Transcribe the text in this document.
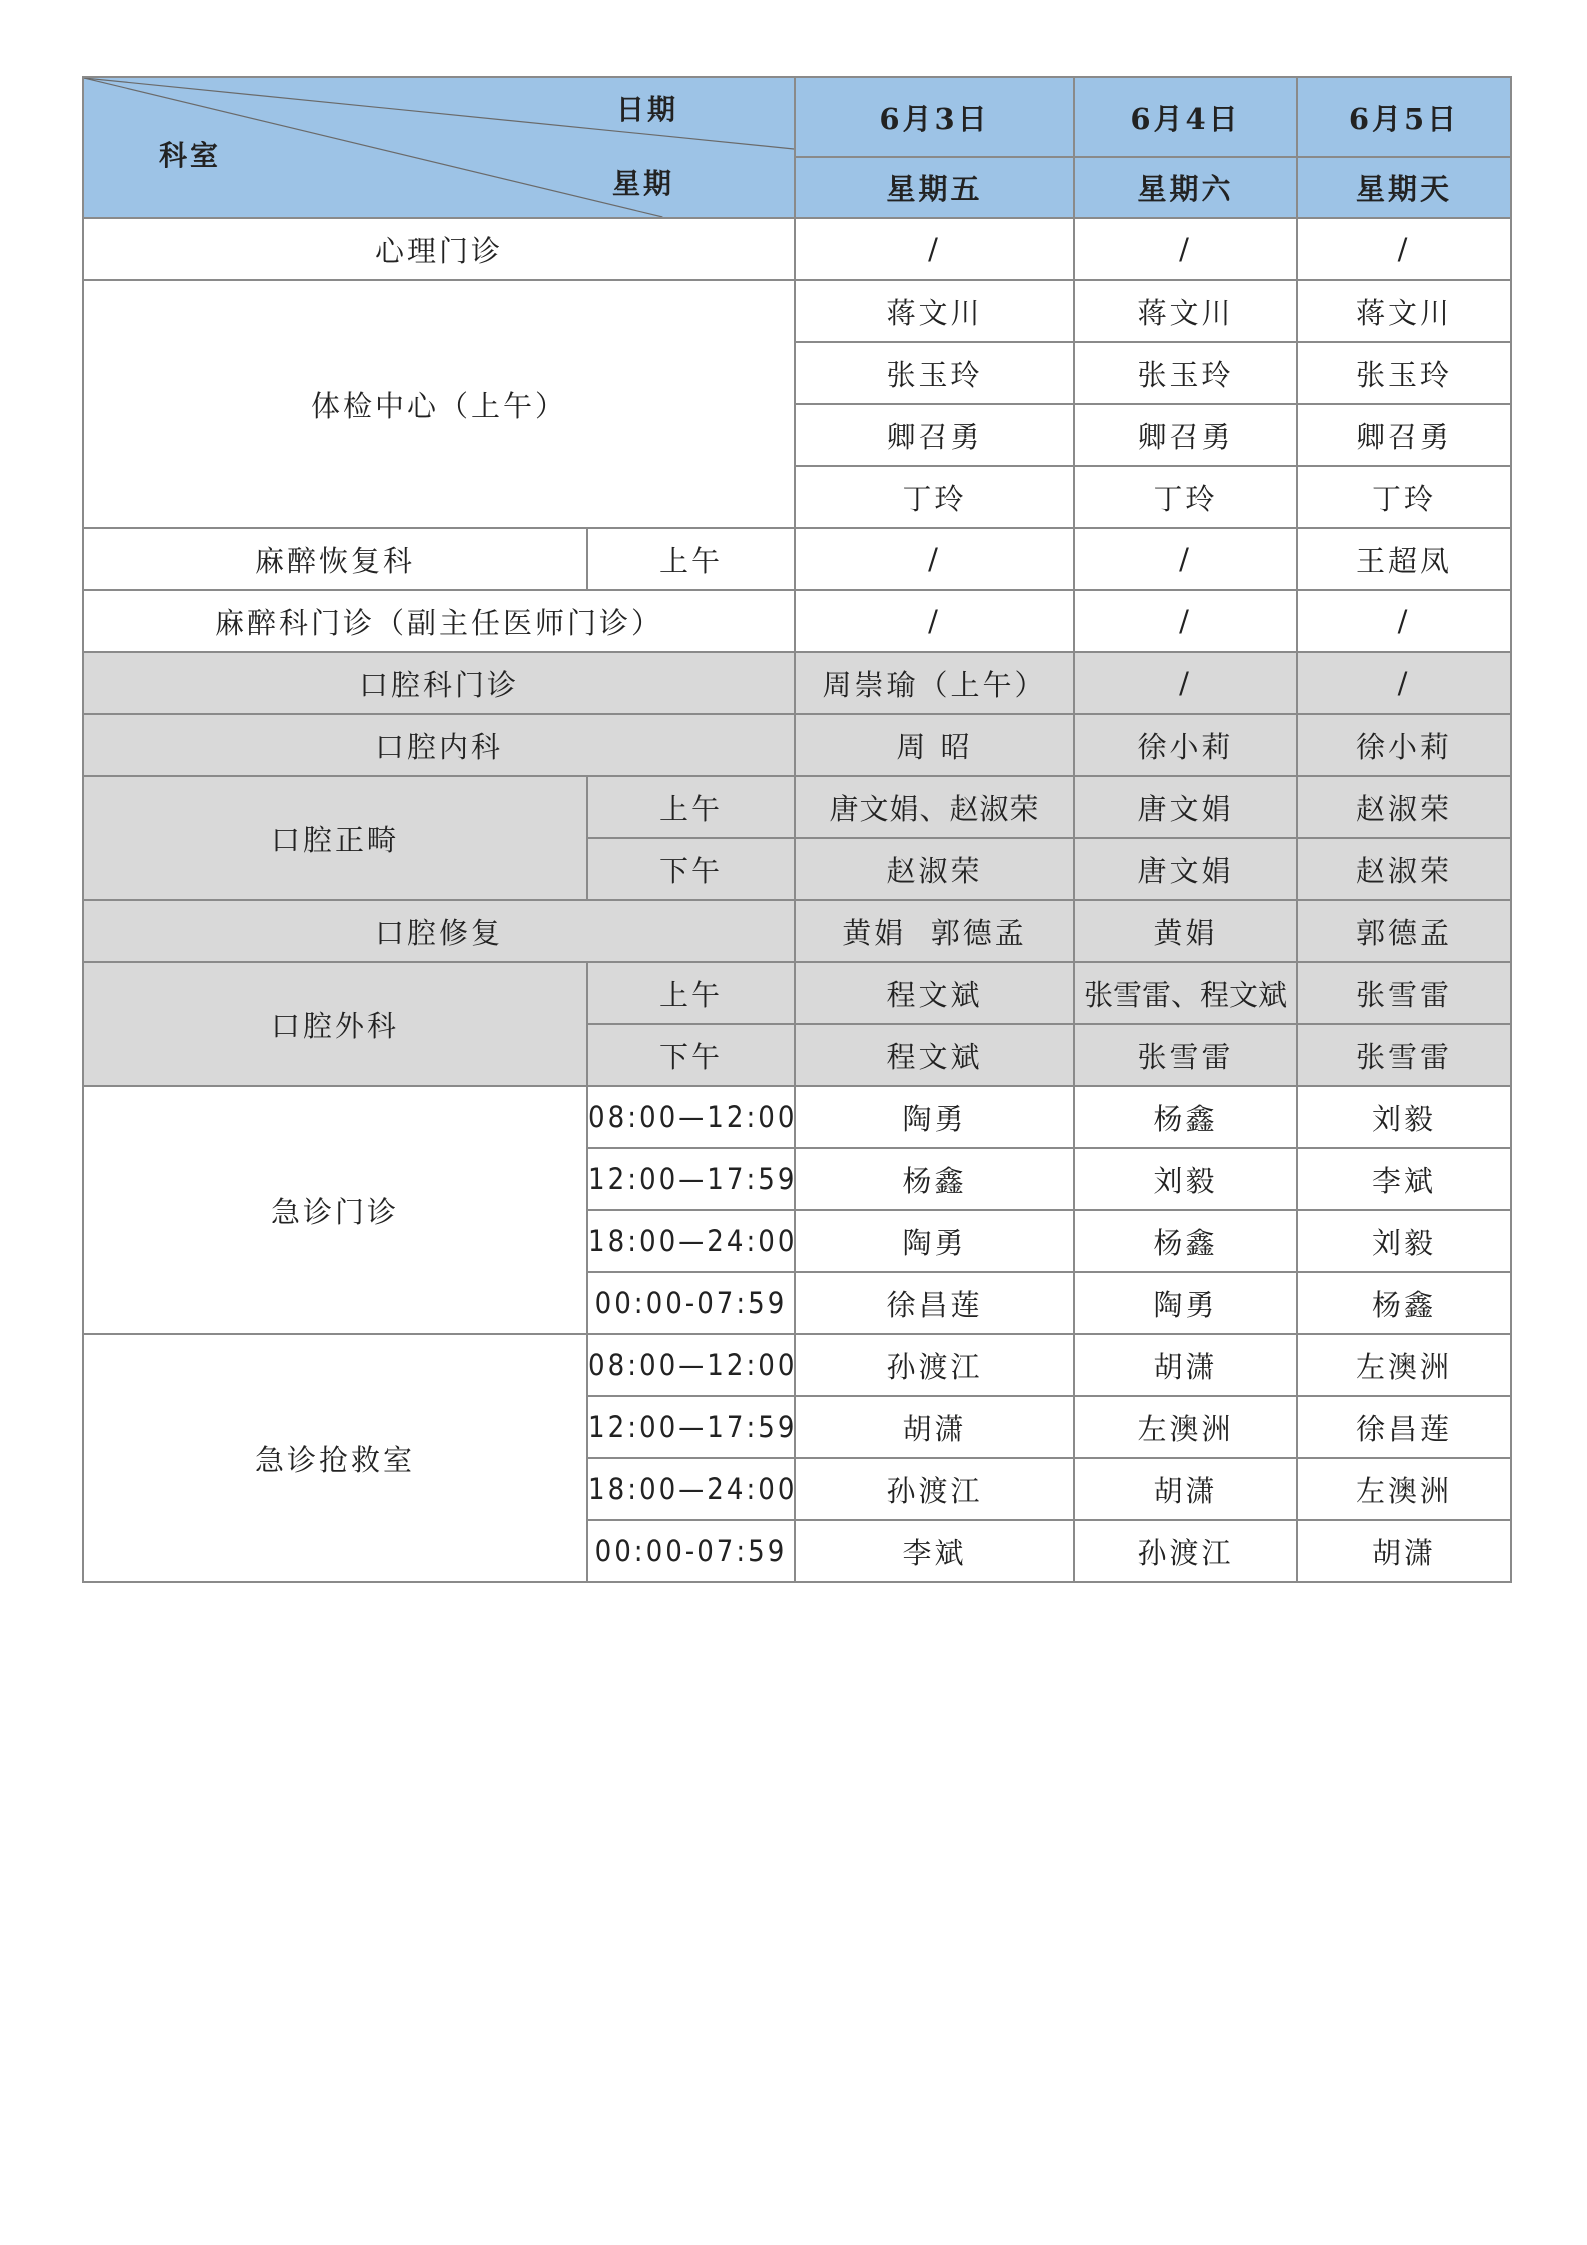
日期
科室
星期		6月3日	6月4日	6月5日
		星期五	星期六	星期天
心理门诊		/	/	/
体检中心（上午）		蒋文川	蒋文川	蒋文川
		张玉玲	张玉玲	张玉玲
		卿召勇	卿召勇	卿召勇
		丁玲	丁玲	丁玲
麻醉恢复科	上午	/	/	王超凤
麻醉科门诊（副主任医师门诊）		/	/	/
口腔科门诊		周崇瑜（上午）	/	/
口腔内科		周 昭	徐小莉	徐小莉
口腔正畸	上午	唐文娟、赵淑荣	唐文娟	赵淑荣
	下午	赵淑荣	唐文娟	赵淑荣
口腔修复		黄娟  郭德孟	黄娟	郭德孟
口腔外科	上午	程文斌	张雪雷、程文斌	张雪雷
	下午	程文斌	张雪雷	张雪雷
急诊门诊	08:00—12:00	陶勇	杨鑫	刘毅
	12:00—17:59	杨鑫	刘毅	李斌
	18:00—24:00	陶勇	杨鑫	刘毅
	00:00-07:59	徐昌莲	陶勇	杨鑫
急诊抢救室	08:00—12:00	孙渡江	胡潇	左澳洲
	12:00—17:59	胡潇	左澳洲	徐昌莲
	18:00—24:00	孙渡江	胡潇	左澳洲
	00:00-07:59	李斌	孙渡江	胡潇
